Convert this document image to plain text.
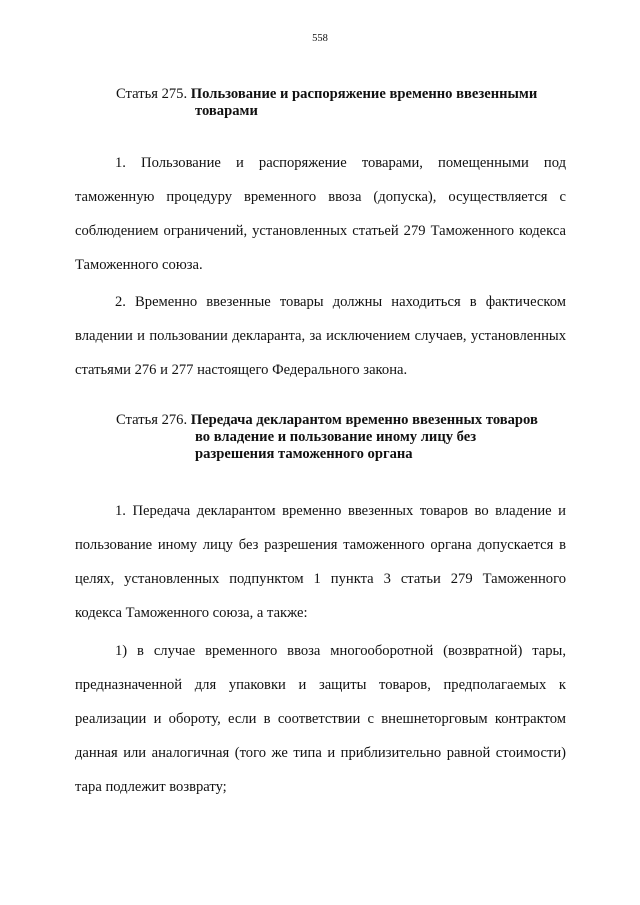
558
Статья 275. Пользование и распоряжение временно ввезенными
товарами
1. Пользование и распоряжение товарами, помещенными под таможенную процедуру временного ввоза (допуска), осуществляется с соблюдением ограничений, установленных статьей 279 Таможенного кодекса Таможенного союза.
2. Временно ввезенные товары должны находиться в фактическом владении и пользовании декларанта, за исключением случаев, установленных статьями 276 и 277 настоящего Федерального закона.
Статья 276. Передача декларантом временно ввезенных товаров
во владение и пользование иному лицу без
разрешения таможенного органа
1. Передача декларантом временно ввезенных товаров во владение и пользование иному лицу без разрешения таможенного органа допускается в целях, установленных подпунктом 1 пункта 3 статьи 279 Таможенного кодекса Таможенного союза, а также:
1) в случае временного ввоза многооборотной (возвратной) тары, предназначенной для упаковки и защиты товаров, предполагаемых к реализации и обороту, если в соответствии с внешнеторговым контрактом данная или аналогичная (того же типа и приблизительно равной стоимости) тара подлежит возврату;
